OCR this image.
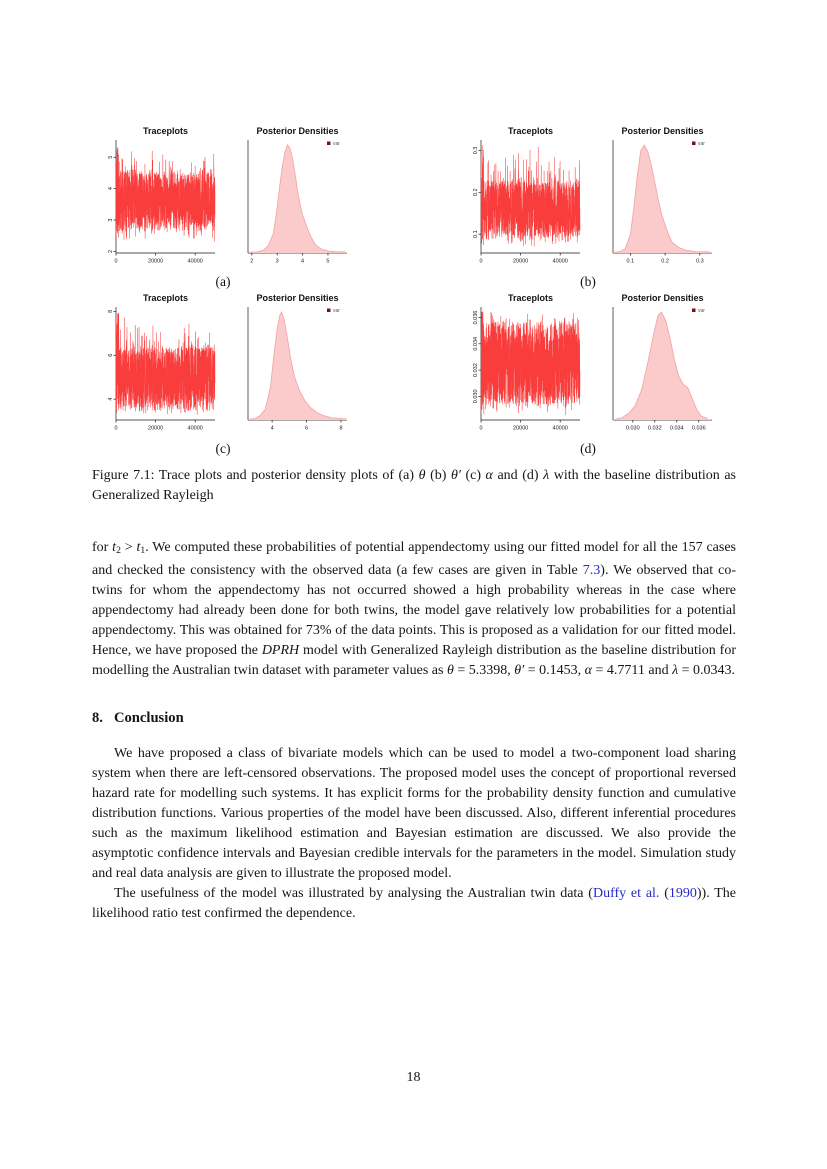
Traceplots
0	20000	40000
2
3
4
5
Posterior Densities
2	3	4	5
var
(a)
Traceplots
0	20000	40000
0.1
0.2
0.3
Posterior Densities
0.1	0.2	0.3
var
(b)
Traceplots
0	20000	40000
4
6
8
Posterior Densities
4	6	8
var
(c)
Traceplots
0	20000	40000
0.030
0.032
0.034
0.036
Posterior Densities
0.030 0.032 0.034 0.036
var
(d)
Figure 7.1: Trace plots and posterior density plots of (a) θ (b) θ′ (c) α and (d) λ with the baseline distribution as Generalized Rayleigh

for t2 > t1. We computed these probabilities of potential appendectomy using our fitted model for all the 157 cases and checked the consistency with the observed data (a few cases are given in Table 7.3). We observed that co-twins for whom the appendectomy has not occurred showed a high probability whereas in the case where appendectomy had already been done for both twins, the model gave relatively low probabilities for a potential appendectomy. This was obtained for 73% of the data points. This is proposed as a validation for our fitted model. Hence, we have proposed the DPRH model with Generalized Rayleigh distribution as the baseline distribution for modelling the Australian twin dataset with parameter values as θ = 5.3398, θ′ = 0.1453, α = 4.7711 and λ = 0.0343.

8. Conclusion

We have proposed a class of bivariate models which can be used to model a two-component load sharing system when there are left-censored observations. The proposed model uses the concept of proportional reversed hazard rate for modelling such systems. It has explicit forms for the probability density function and cumulative distribution functions. Various properties of the model have been discussed. Also, different inferential procedures such as the maximum likelihood estimation and Bayesian estimation are discussed. We also provide the asymptotic confidence intervals and Bayesian credible intervals for the parameters in the model. Simulation study and real data analysis are given to illustrate the proposed model.

The usefulness of the model was illustrated by analysing the Australian twin data (Duffy et al. (1990)). The likelihood ratio test confirmed the dependence.

18
